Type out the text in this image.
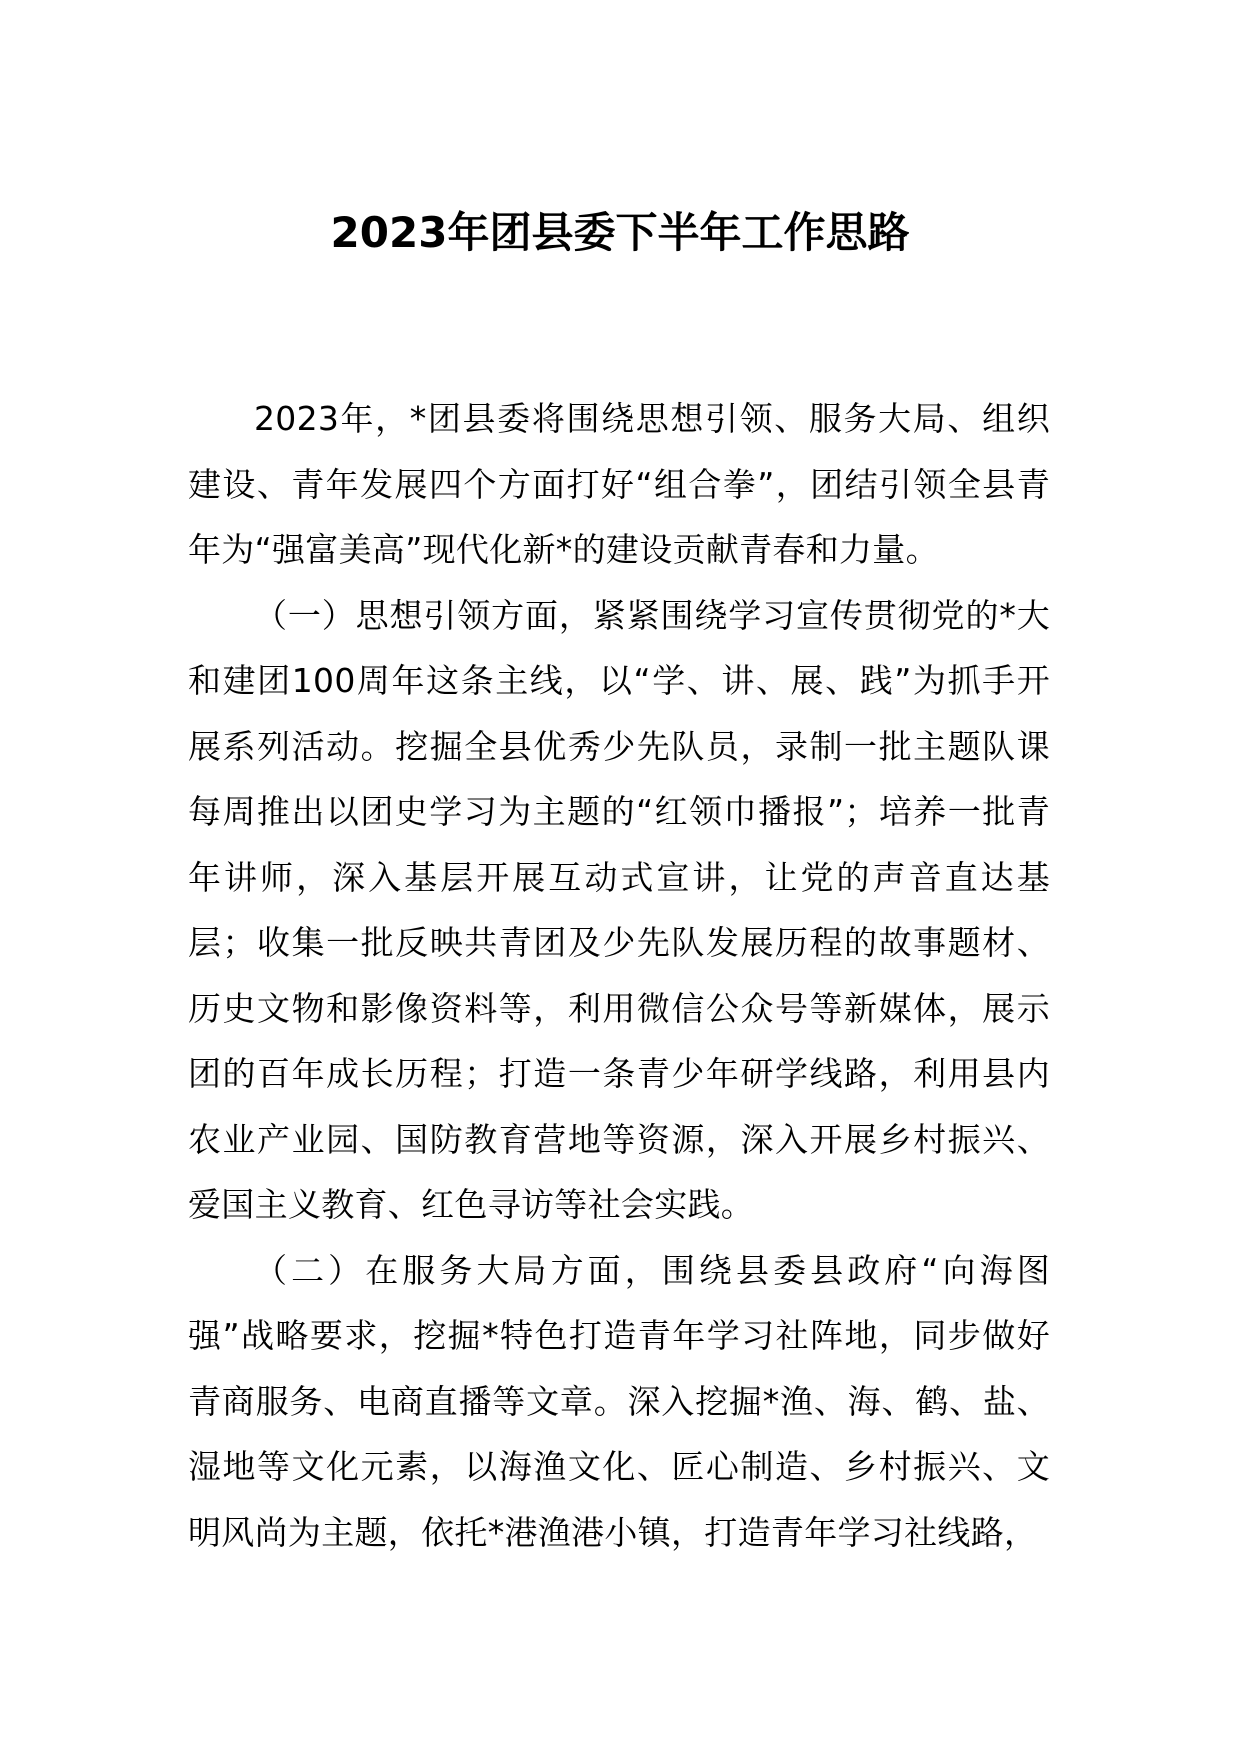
2023年团县委下半年工作思路

2023年，*团县委将围绕思想引领、服务大局、组织建设、青年发展四个方面打好“组合拳”，团结引领全县青年为“强富美高”现代化新*的建设贡献青春和力量。

（一）思想引领方面，紧紧围绕学习宣传贯彻党的*大和建团100周年这条主线，以“学、讲、展、践”为抓手开展系列活动。挖掘全县优秀少先队员，录制一批主题队课每周推出以团史学习为主题的“红领巾播报”；培养一批青年讲师，深入基层开展互动式宣讲，让党的声音直达基层；收集一批反映共青团及少先队发展历程的故事题材、历史文物和影像资料等，利用微信公众号等新媒体，展示团的百年成长历程；打造一条青少年研学线路，利用县内农业产业园、国防教育营地等资源，深入开展乡村振兴、爱国主义教育、红色寻访等社会实践。

（二）在服务大局方面，围绕县委县政府“向海图强”战略要求，挖掘*特色打造青年学习社阵地，同步做好青商服务、电商直播等文章。深入挖掘*渔、海、鹤、盐、湿地等文化元素，以海渔文化、匠心制造、乡村振兴、文明风尚为主题，依托*港渔港小镇，打造青年学习社线路，
